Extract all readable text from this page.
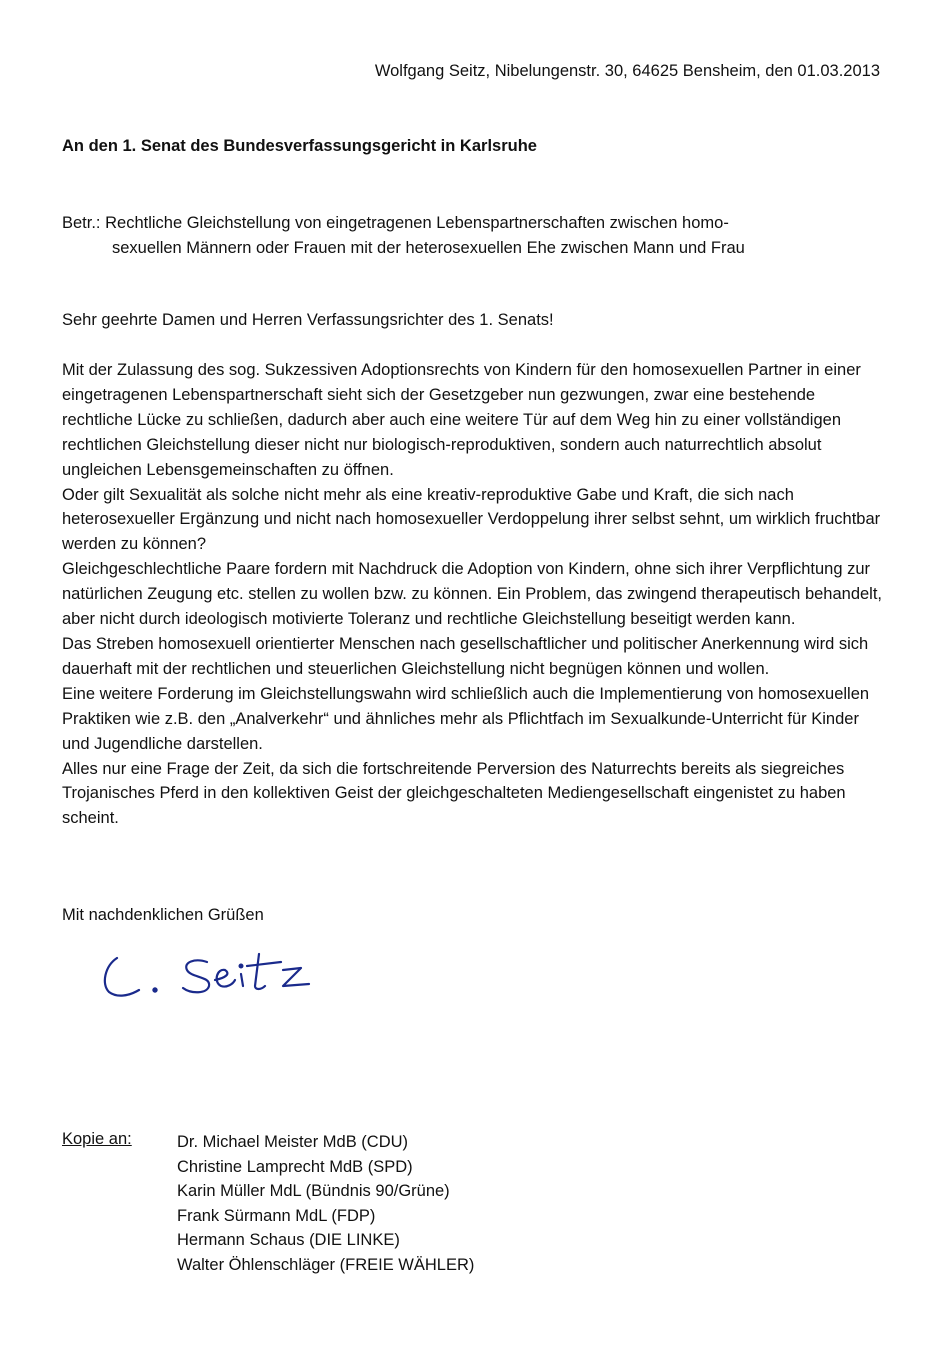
Wolfgang Seitz, Nibelungenstr. 30, 64625 Bensheim, den 01.03.2013
An den 1. Senat des Bundesverfassungsgericht in Karlsruhe
Betr.: Rechtliche Gleichstellung von eingetragenen Lebenspartnerschaften zwischen homo-
sexuellen Männern oder Frauen mit der heterosexuellen Ehe zwischen Mann und Frau
Sehr geehrte Damen und Herren Verfassungsrichter des 1. Senats!

Mit der Zulassung des sog. Sukzessiven Adoptionsrechts von Kindern für den homosexuellen Partner in einer eingetragenen Lebenspartnerschaft sieht sich der Gesetzgeber nun gezwungen, zwar eine bestehende rechtliche Lücke zu schließen, dadurch aber auch eine weitere Tür auf dem Weg hin zu einer vollständigen rechtlichen Gleichstellung dieser nicht nur biologisch-reproduktiven, sondern auch naturrechtlich absolut ungleichen Lebensgemeinschaften zu öffnen.

Oder gilt Sexualität als solche nicht mehr als eine kreativ-reproduktive Gabe und Kraft, die sich nach heterosexueller Ergänzung und nicht nach homosexueller Verdoppelung ihrer selbst sehnt, um wirklich fruchtbar werden zu können?

Gleichgeschlechtliche Paare fordern mit Nachdruck die Adoption von Kindern, ohne sich ihrer Verpflichtung zur natürlichen Zeugung etc. stellen zu wollen bzw. zu können. Ein Problem, das zwingend therapeutisch behandelt, aber nicht durch ideologisch motivierte Toleranz und rechtliche Gleichstellung beseitigt werden kann.

Das Streben homosexuell orientierter Menschen nach gesellschaftlicher und politischer Anerkennung wird sich dauerhaft mit der rechtlichen und steuerlichen Gleichstellung nicht begnügen können und wollen.

Eine weitere Forderung im Gleichstellungswahn wird schließlich auch die Implementierung von homosexuellen Praktiken wie z.B. den „Analverkehr“ und ähnliches mehr als Pflichtfach im Sexualkunde-Unterricht für Kinder und Jugendliche darstellen.

Alles nur eine Frage der Zeit, da sich die fortschreitende Perversion des Naturrechts bereits als siegreiches Trojanisches Pferd in den kollektiven Geist der gleichgeschalteten Mediengesellschaft eingenistet zu haben scheint.

Mit nachdenklichen Grüßen
Kopie an:	Dr. Michael Meister MdB (CDU)
Christine Lamprecht MdB (SPD)
Karin Müller MdL (Bündnis 90/Grüne)
Frank Sürmann MdL (FDP)
Hermann Schaus (DIE LINKE)
Walter Öhlenschläger (FREIE WÄHLER)
